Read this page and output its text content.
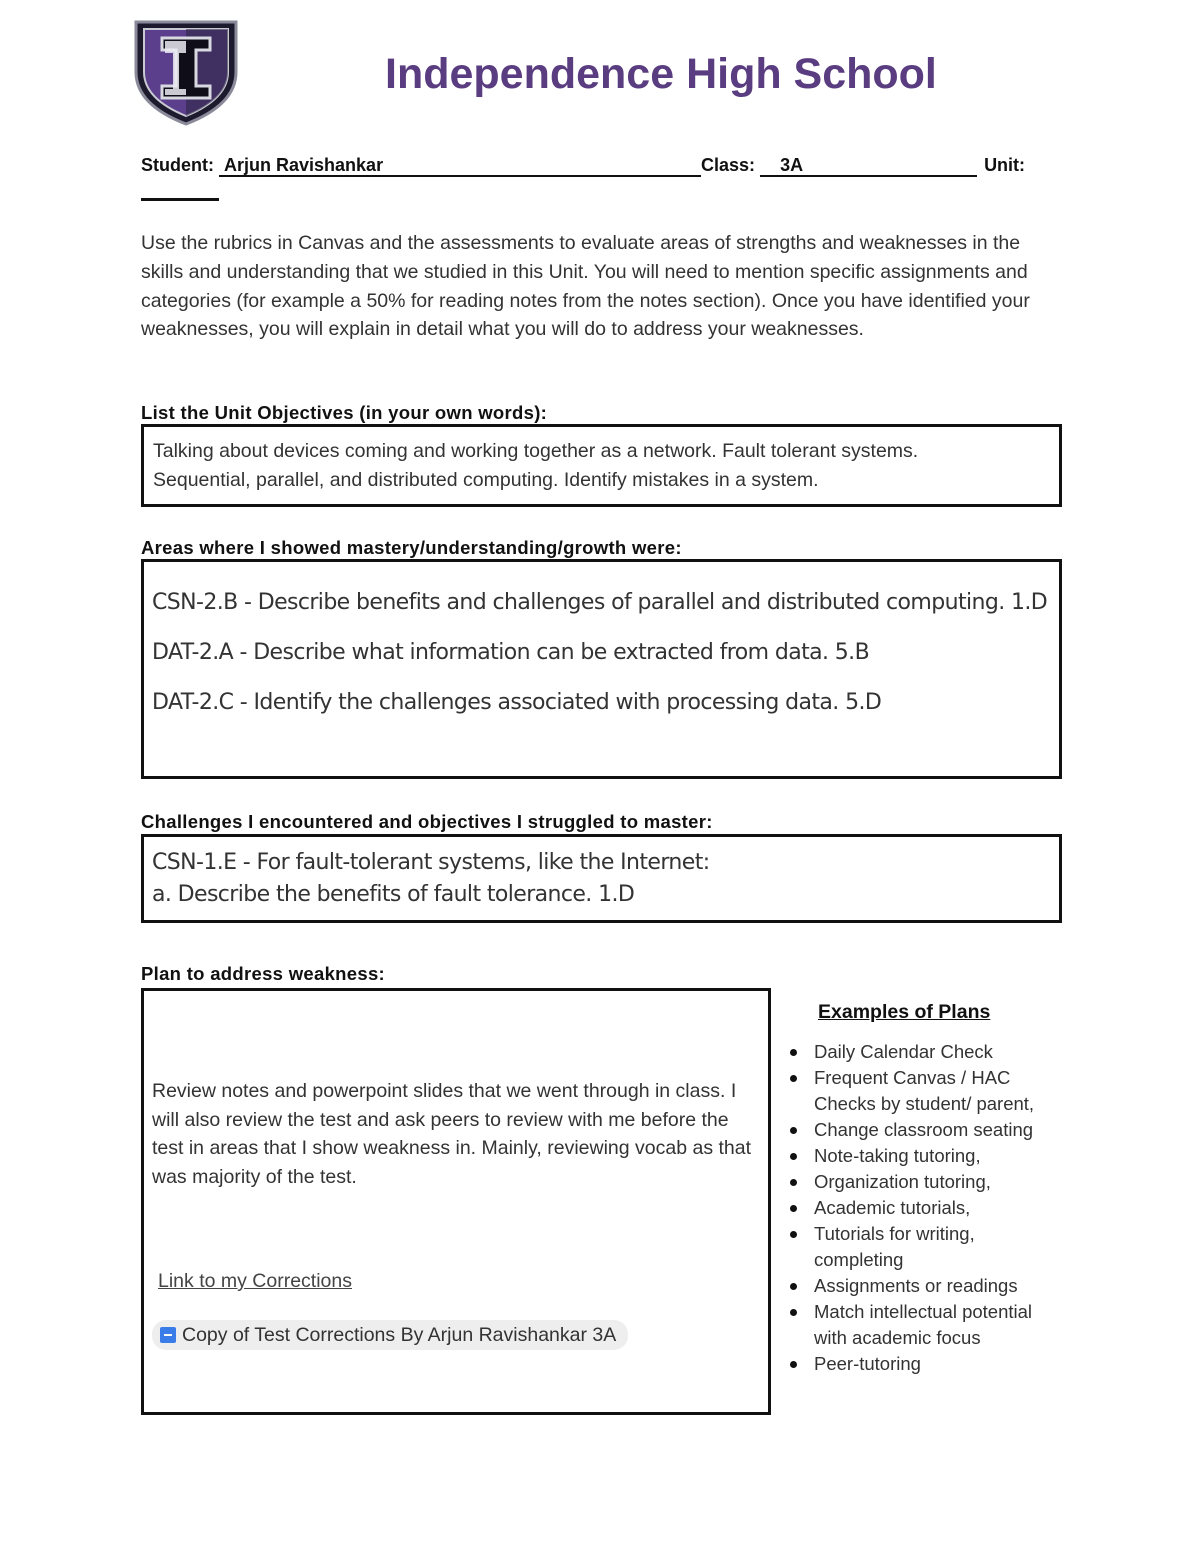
Independence High School
Student: Arjun Ravishankar	Class: 3A	Unit:
Use the rubrics in Canvas and the assessments to evaluate areas of strengths and weaknesses in the skills and understanding that we studied in this Unit. You will need to mention specific assignments and categories (for example a 50% for reading notes from the notes section). Once you have identified your weaknesses, you will explain in detail what you will do to address your weaknesses.
List the Unit Objectives (in your own words):
Talking about devices coming and working together as a network. Fault tolerant systems.
Sequential, parallel, and distributed computing. Identify mistakes in a system.
Areas where I showed mastery/understanding/growth were:
CSN-2.B - Describe benefits and challenges of parallel and distributed computing. 1.D
DAT-2.A - Describe what information can be extracted from data. 5.B
DAT-2.C - Identify the challenges associated with processing data. 5.D
Challenges I encountered and objectives I struggled to master:
CSN-1.E - For fault-tolerant systems, like the Internet:
a. Describe the benefits of fault tolerance. 1.D
Plan to address weakness:
Review notes and powerpoint slides that we went through in class. I will also review the test and ask peers to review with me before the test in areas that I show weakness in. Mainly, reviewing vocab as that was majority of the test.
Link to my Corrections
Copy of Test Corrections By Arjun Ravishankar 3A
Examples of Plans
Daily Calendar Check
Frequent Canvas / HAC Checks by student/ parent,
Change classroom seating
Note-taking tutoring,
Organization tutoring,
Academic tutorials,
Tutorials for writing, completing
Assignments or readings
Match intellectual potential with academic focus
Peer-tutoring
